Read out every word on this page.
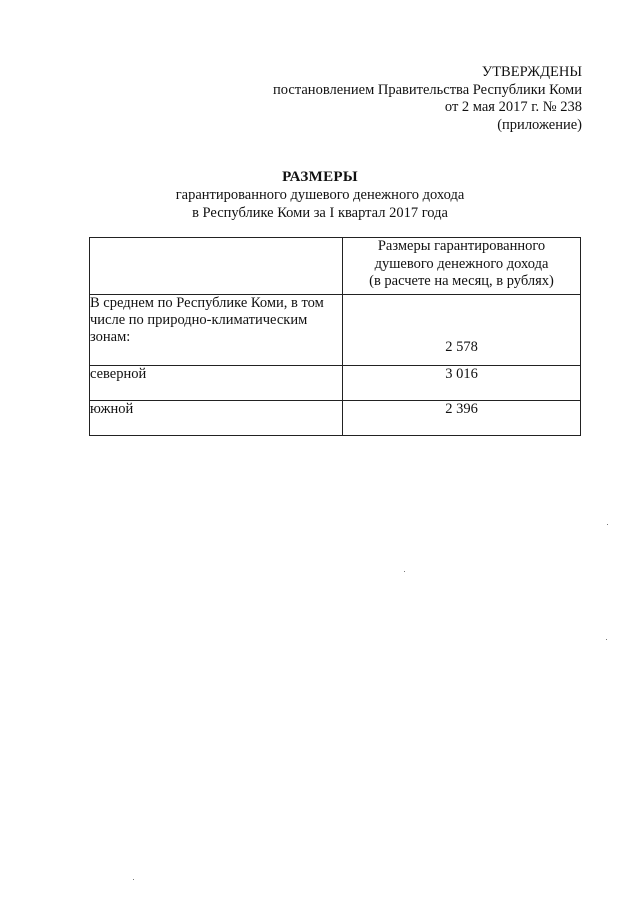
УТВЕРЖДЕНЫ
постановлением Правительства Республики Коми
от 2 мая 2017 г. № 238
(приложение)
РАЗМЕРЫ
гарантированного душевого денежного дохода
в Республике Коми за I квартал 2017 года

	Размеры гарантированного
душевого денежного дохода
(в расчете на месяц, в рублях)

В среднем по Республике Коми, в том
числе по природно-климатическим
зонам:	2 578
северной	3 016
южной	2 396
